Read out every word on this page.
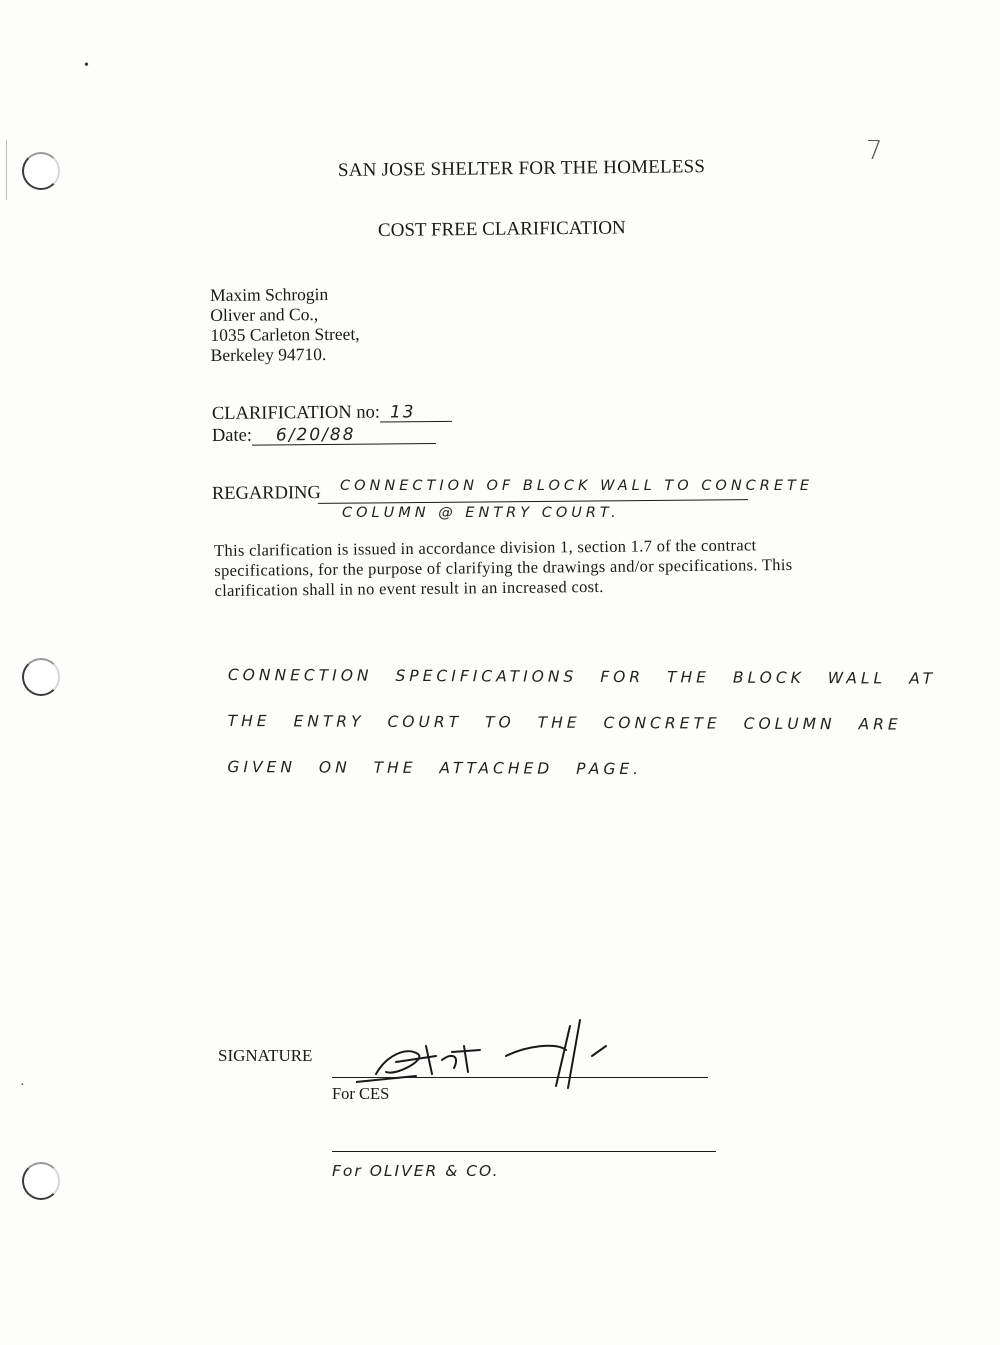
•
·
7
SAN JOSE SHELTER FOR THE HOMELESS
COST FREE CLARIFICATION
Maxim Schrogin
Oliver and Co.,
1035 Carleton Street,
Berkeley 94710.
CLARIFICATION no: 13
Date: 6/20/88
REGARDING CONNECTION OF BLOCK WALL TO CONCRETE
COLUMN @ ENTRY COURT.
This clarification is issued in accordance division 1, section 1.7 of the contract specifications, for the purpose of clarifying the drawings and/or specifications. This clarification shall in no event result in an increased cost.
CONNECTION SPECIFICATIONS FOR THE BLOCK WALL AT THE ENTRY COURT TO THE CONCRETE COLUMN ARE GIVEN ON THE ATTACHED PAGE.
SIGNATURE
For CES
For OLIVER & CO.
